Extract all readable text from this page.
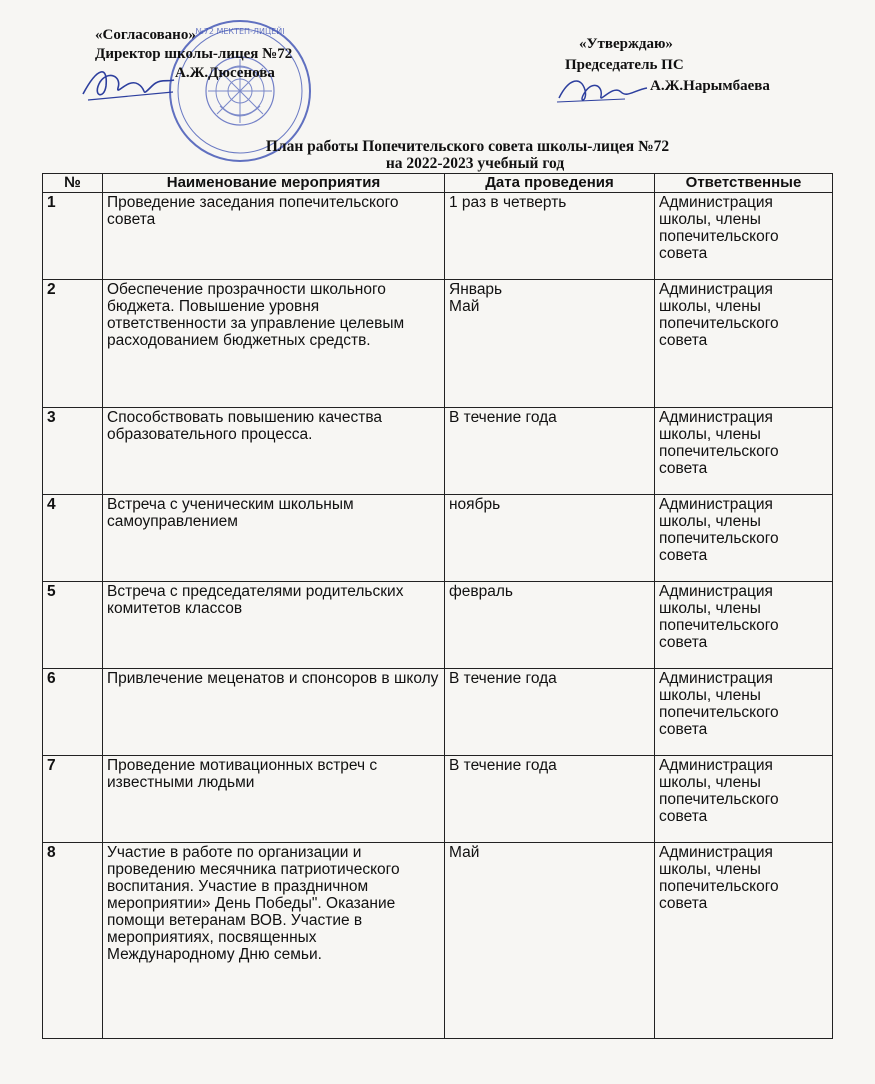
№72 МЕКТЕП-ЛИЦЕЙІ
«Согласовано»
Директор школы-лицея №72
А.Ж.Дюсенова
«Утверждаю»
Председатель ПС
А.Ж.Нарымбаева
План работы Попечительского совета школы-лицея №72
на 2022-2023 учебный год
№	Наименование мероприятия	Дата проведения	Ответственные
1	Проведение заседания попечительского совета	1 раз в четверть	Администрация школы, члены попечительского совета
2	Обеспечение прозрачности школьного бюджета. Повышение уровня ответственности за управление целевым расходованием бюджетных средств.	Январь Май	Администрация школы, члены попечительского совета
3	Способствовать повышению качества образовательного процесса.	В течение года	Администрация школы, члены попечительского совета
4	Встреча с ученическим школьным самоуправлением	ноябрь	Администрация школы, члены попечительского совета
5	Встреча с председателями родительских комитетов классов	февраль	Администрация школы, члены попечительского совета
6	Привлечение меценатов и спонсоров в школу	В течение года	Администрация школы, члены попечительского совета
7	Проведение мотивационных встреч с известными людьми	В течение года	Администрация школы, члены попечительского совета
8	Участие в работе по организации и проведению месячника патриотического воспитания. Участие в праздничном мероприятии» День Победы". Оказание помощи ветеранам ВОВ. Участие в мероприятиях, посвященных Международному Дню семьи.	Май	Администрация школы, члены попечительского совета
